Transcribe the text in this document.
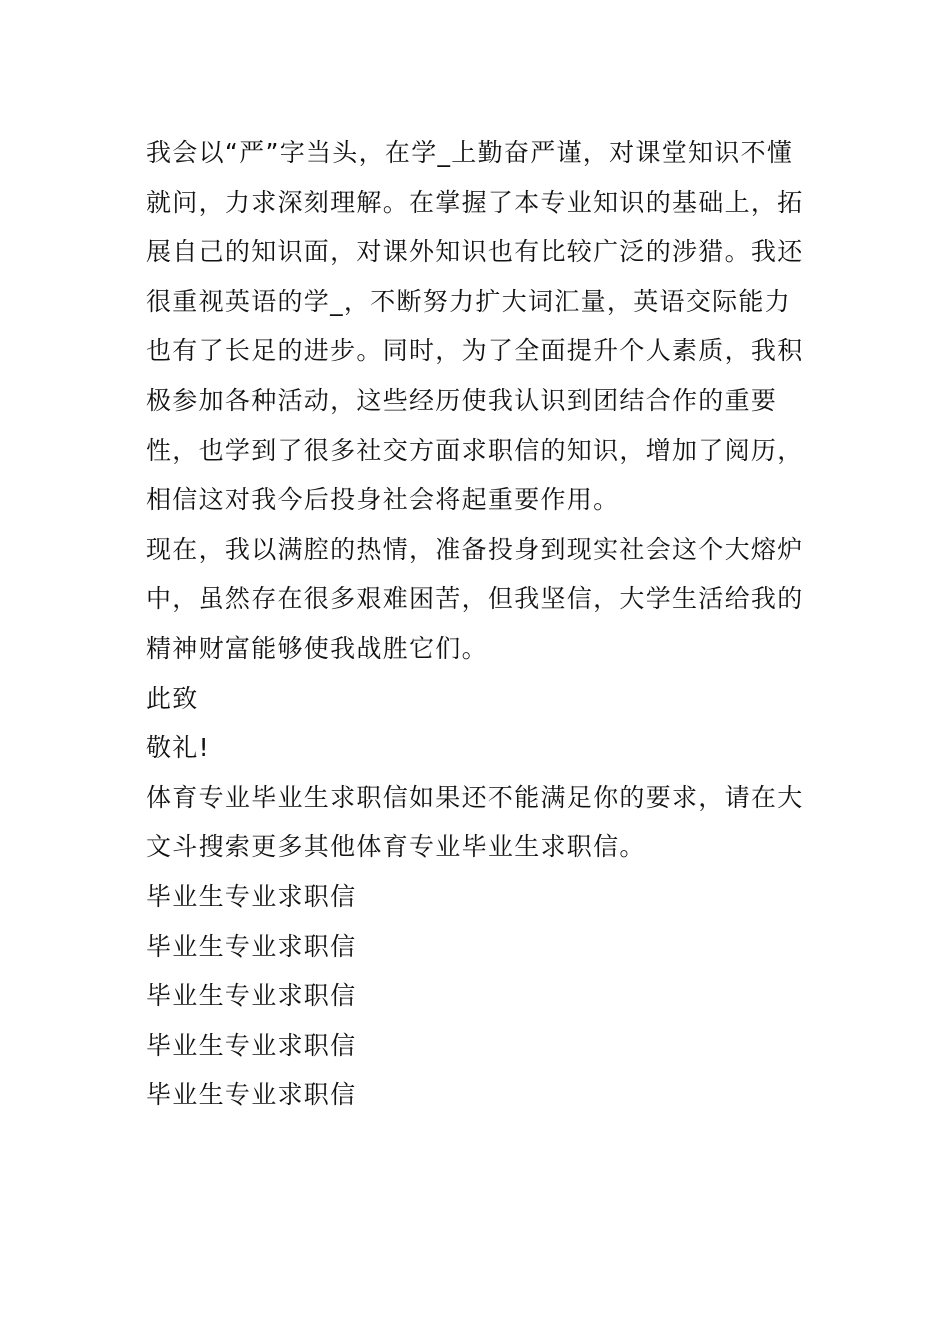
我会以“严”字当头，在学_上勤奋严谨，对课堂知识不懂就问，力求深刻理解。在掌握了本专业知识的基础上，拓展自己的知识面，对课外知识也有比较广泛的涉猎。我还很重视英语的学_，不断努力扩大词汇量，英语交际能力也有了长足的进步。同时，为了全面提升个人素质，我积极参加各种活动，这些经历使我认识到团结合作的重要性，也学到了很多社交方面求职信的知识，增加了阅历，相信这对我今后投身社会将起重要作用。

现在，我以满腔的热情，准备投身到现实社会这个大熔炉中，虽然存在很多艰难困苦，但我坚信，大学生活给我的精神财富能够使我战胜它们。

此致

敬礼!

体育专业毕业生求职信如果还不能满足你的要求，请在大文斗搜索更多其他体育专业毕业生求职信。

毕业生专业求职信

毕业生专业求职信

毕业生专业求职信

毕业生专业求职信

毕业生专业求职信
